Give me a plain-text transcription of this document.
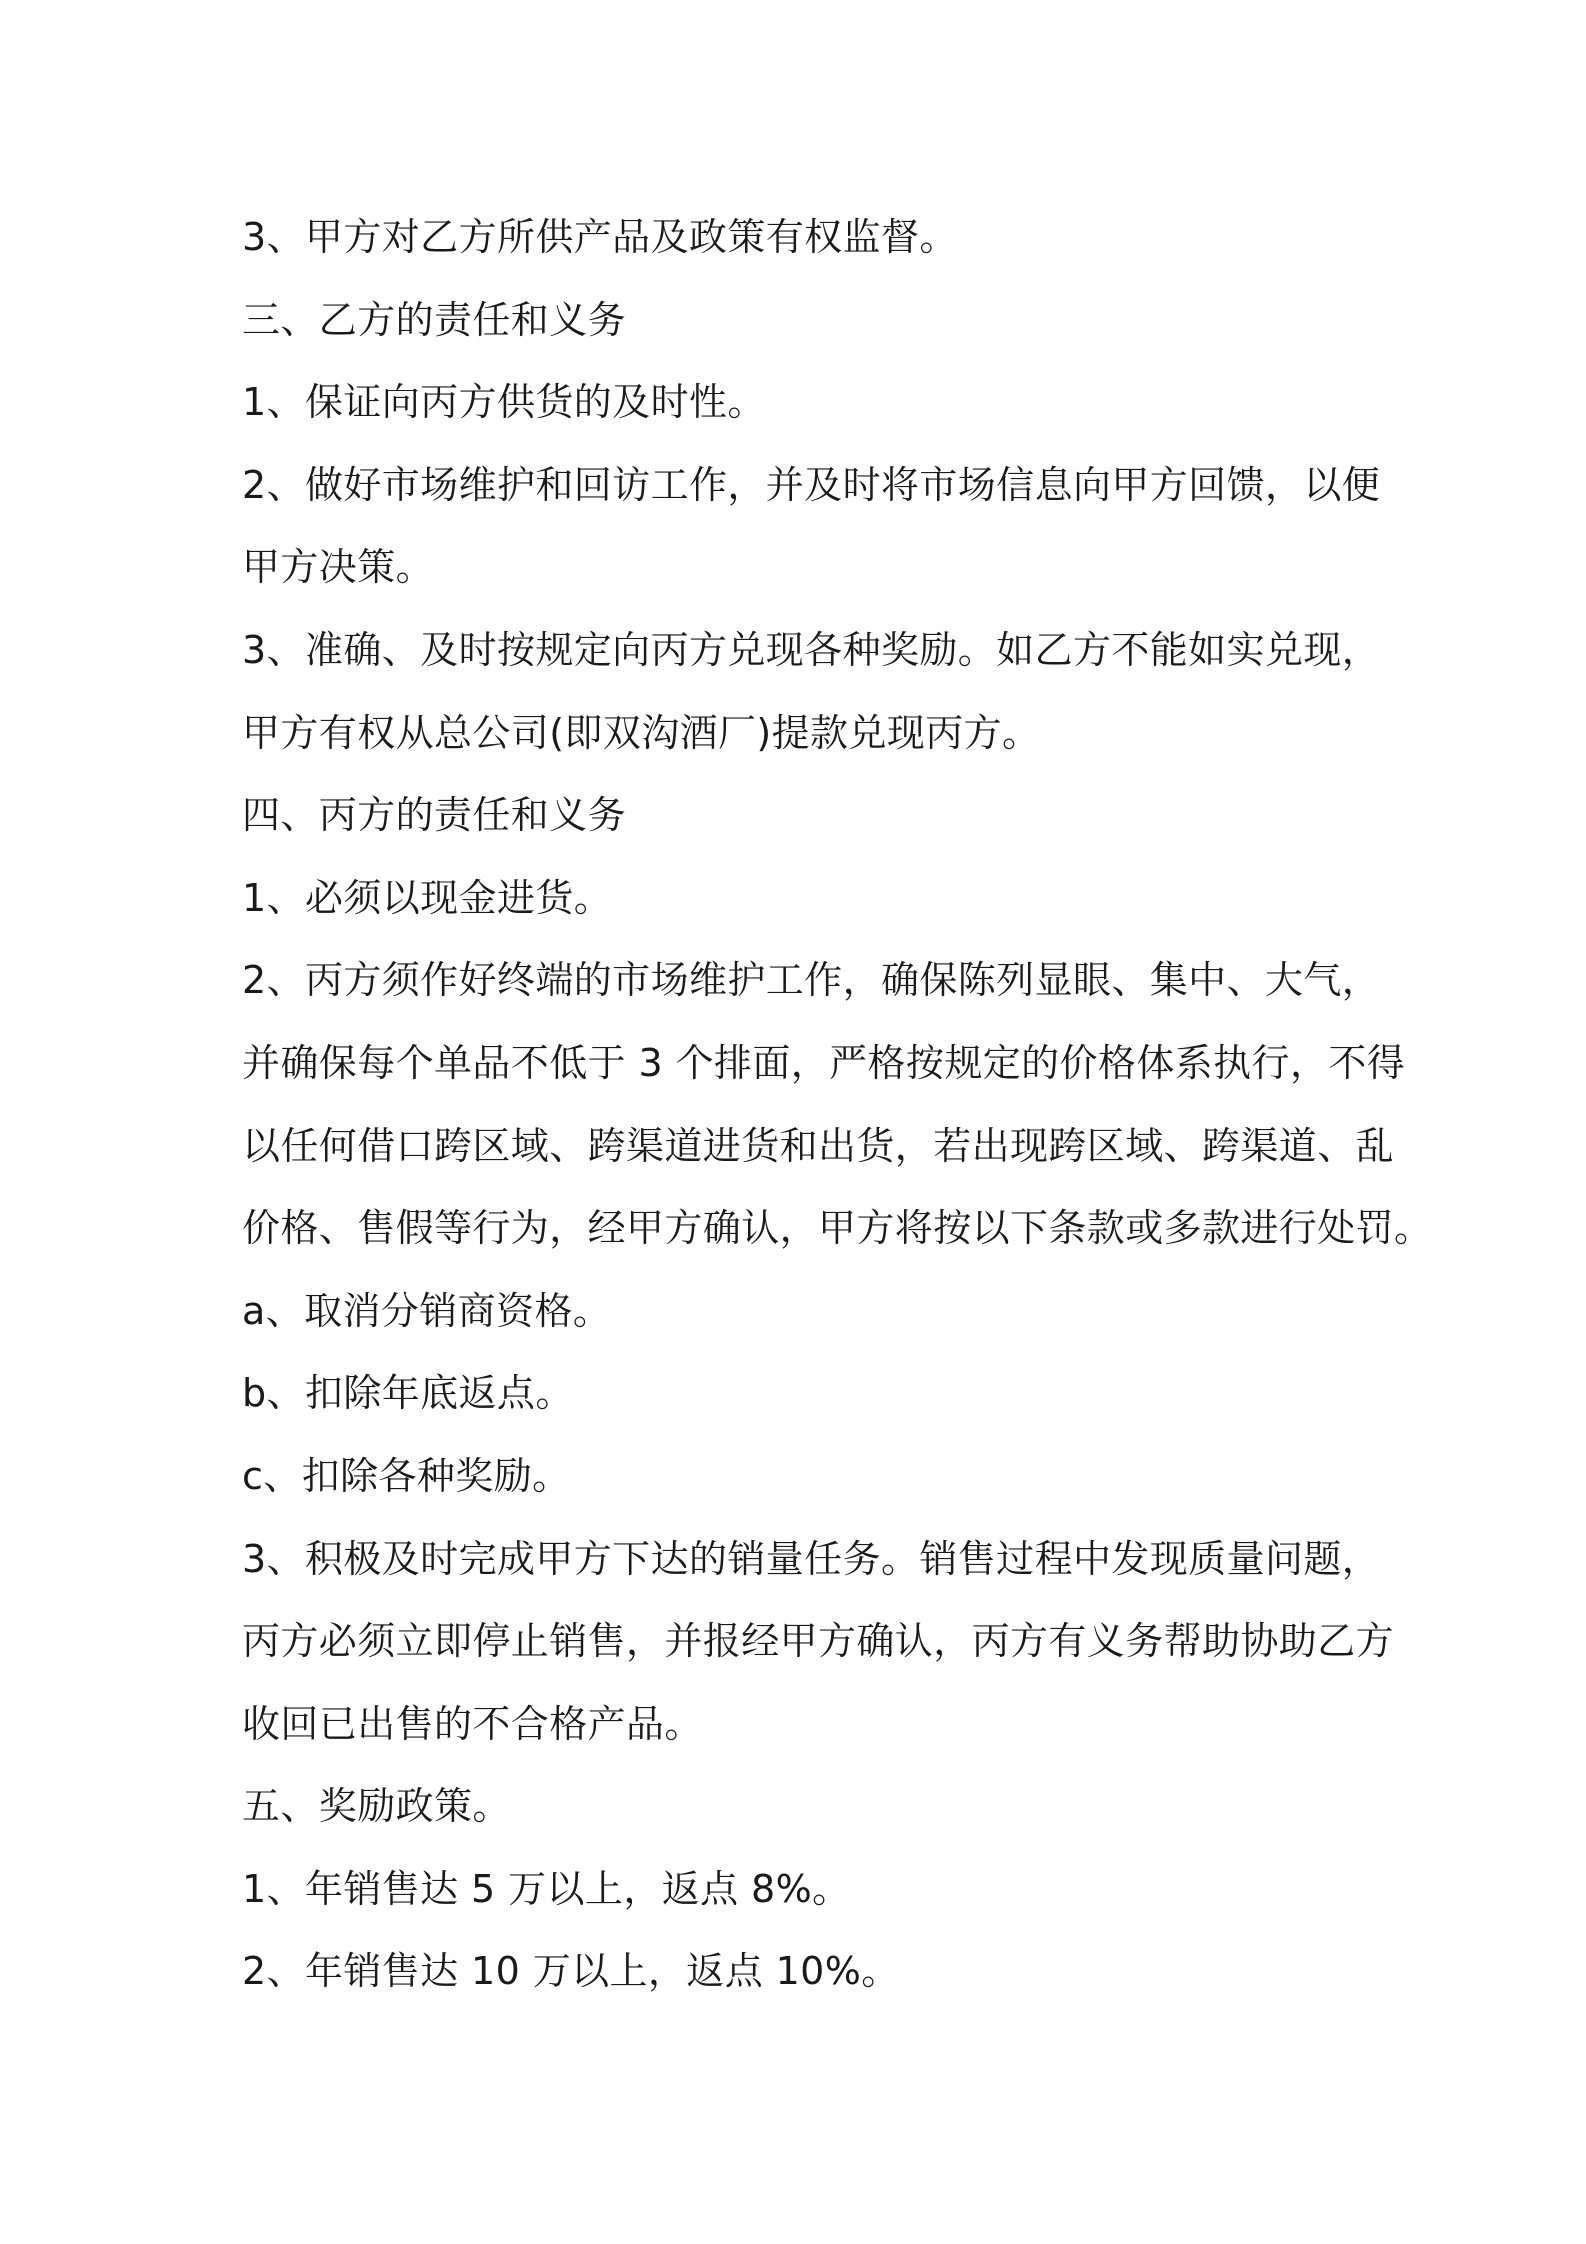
3、甲方对乙方所供产品及政策有权监督。
三、乙方的责任和义务
1、保证向丙方供货的及时性。
2、做好市场维护和回访工作，并及时将市场信息向甲方回馈，以便
甲方决策。
3、准确、及时按规定向丙方兑现各种奖励。如乙方不能如实兑现，
甲方有权从总公司(即双沟酒厂)提款兑现丙方。
四、丙方的责任和义务
1、必须以现金进货。
2、丙方须作好终端的市场维护工作，确保陈列显眼、集中、大气，
并确保每个单品不低于 3 个排面，严格按规定的价格体系执行，不得
以任何借口跨区域、跨渠道进货和出货，若出现跨区域、跨渠道、乱
价格、售假等行为，经甲方确认，甲方将按以下条款或多款进行处罚。
a、取消分销商资格。
b、扣除年底返点。
c、扣除各种奖励。
3、积极及时完成甲方下达的销量任务。销售过程中发现质量问题，
丙方必须立即停止销售，并报经甲方确认，丙方有义务帮助协助乙方
收回已出售的不合格产品。
五、奖励政策。
1、年销售达 5 万以上，返点 8%。
2、年销售达 10 万以上，返点 10%。
